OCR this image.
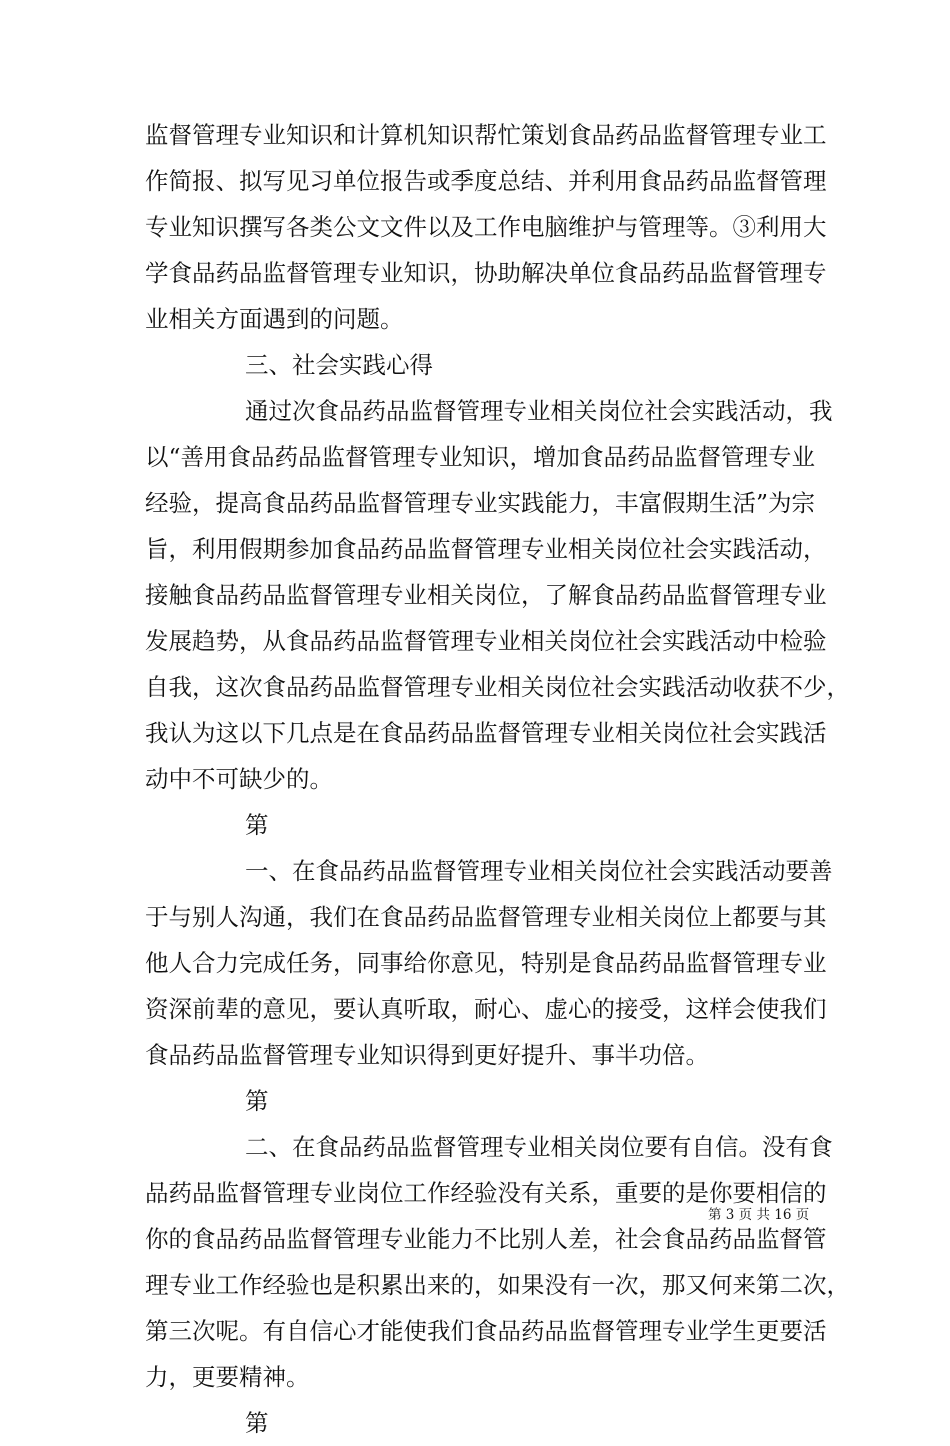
监督管理专业知识和计算机知识帮忙策划食品药品监督管理专业工
作简报、拟写见习单位报告或季度总结、并利用食品药品监督管理
专业知识撰写各类公文文件以及工作电脑维护与管理等。③利用大
学食品药品监督管理专业知识，协助解决单位食品药品监督管理专
业相关方面遇到的问题。
三、社会实践心得
通过次食品药品监督管理专业相关岗位社会实践活动，我
以“善用食品药品监督管理专业知识，增加食品药品监督管理专业
经验，提高食品药品监督管理专业实践能力，丰富假期生活”为宗
旨，利用假期参加食品药品监督管理专业相关岗位社会实践活动，
接触食品药品监督管理专业相关岗位，了解食品药品监督管理专业
发展趋势，从食品药品监督管理专业相关岗位社会实践活动中检验
自我，这次食品药品监督管理专业相关岗位社会实践活动收获不少，
我认为这以下几点是在食品药品监督管理专业相关岗位社会实践活
动中不可缺少的。
第
一、在食品药品监督管理专业相关岗位社会实践活动要善
于与别人沟通，我们在食品药品监督管理专业相关岗位上都要与其
他人合力完成任务，同事给你意见，特别是食品药品监督管理专业
资深前辈的意见，要认真听取，耐心、虚心的接受，这样会使我们
食品药品监督管理专业知识得到更好提升、事半功倍。
第
二、在食品药品监督管理专业相关岗位要有自信。没有食
品药品监督管理专业岗位工作经验没有关系，重要的是你要相信的
你的食品药品监督管理专业能力不比别人差，社会食品药品监督管
理专业工作经验也是积累出来的，如果没有一次，那又何来第二次，
第三次呢。有自信心才能使我们食品药品监督管理专业学生更要活
力，更要精神。
第
第 3 页 共 16 页
